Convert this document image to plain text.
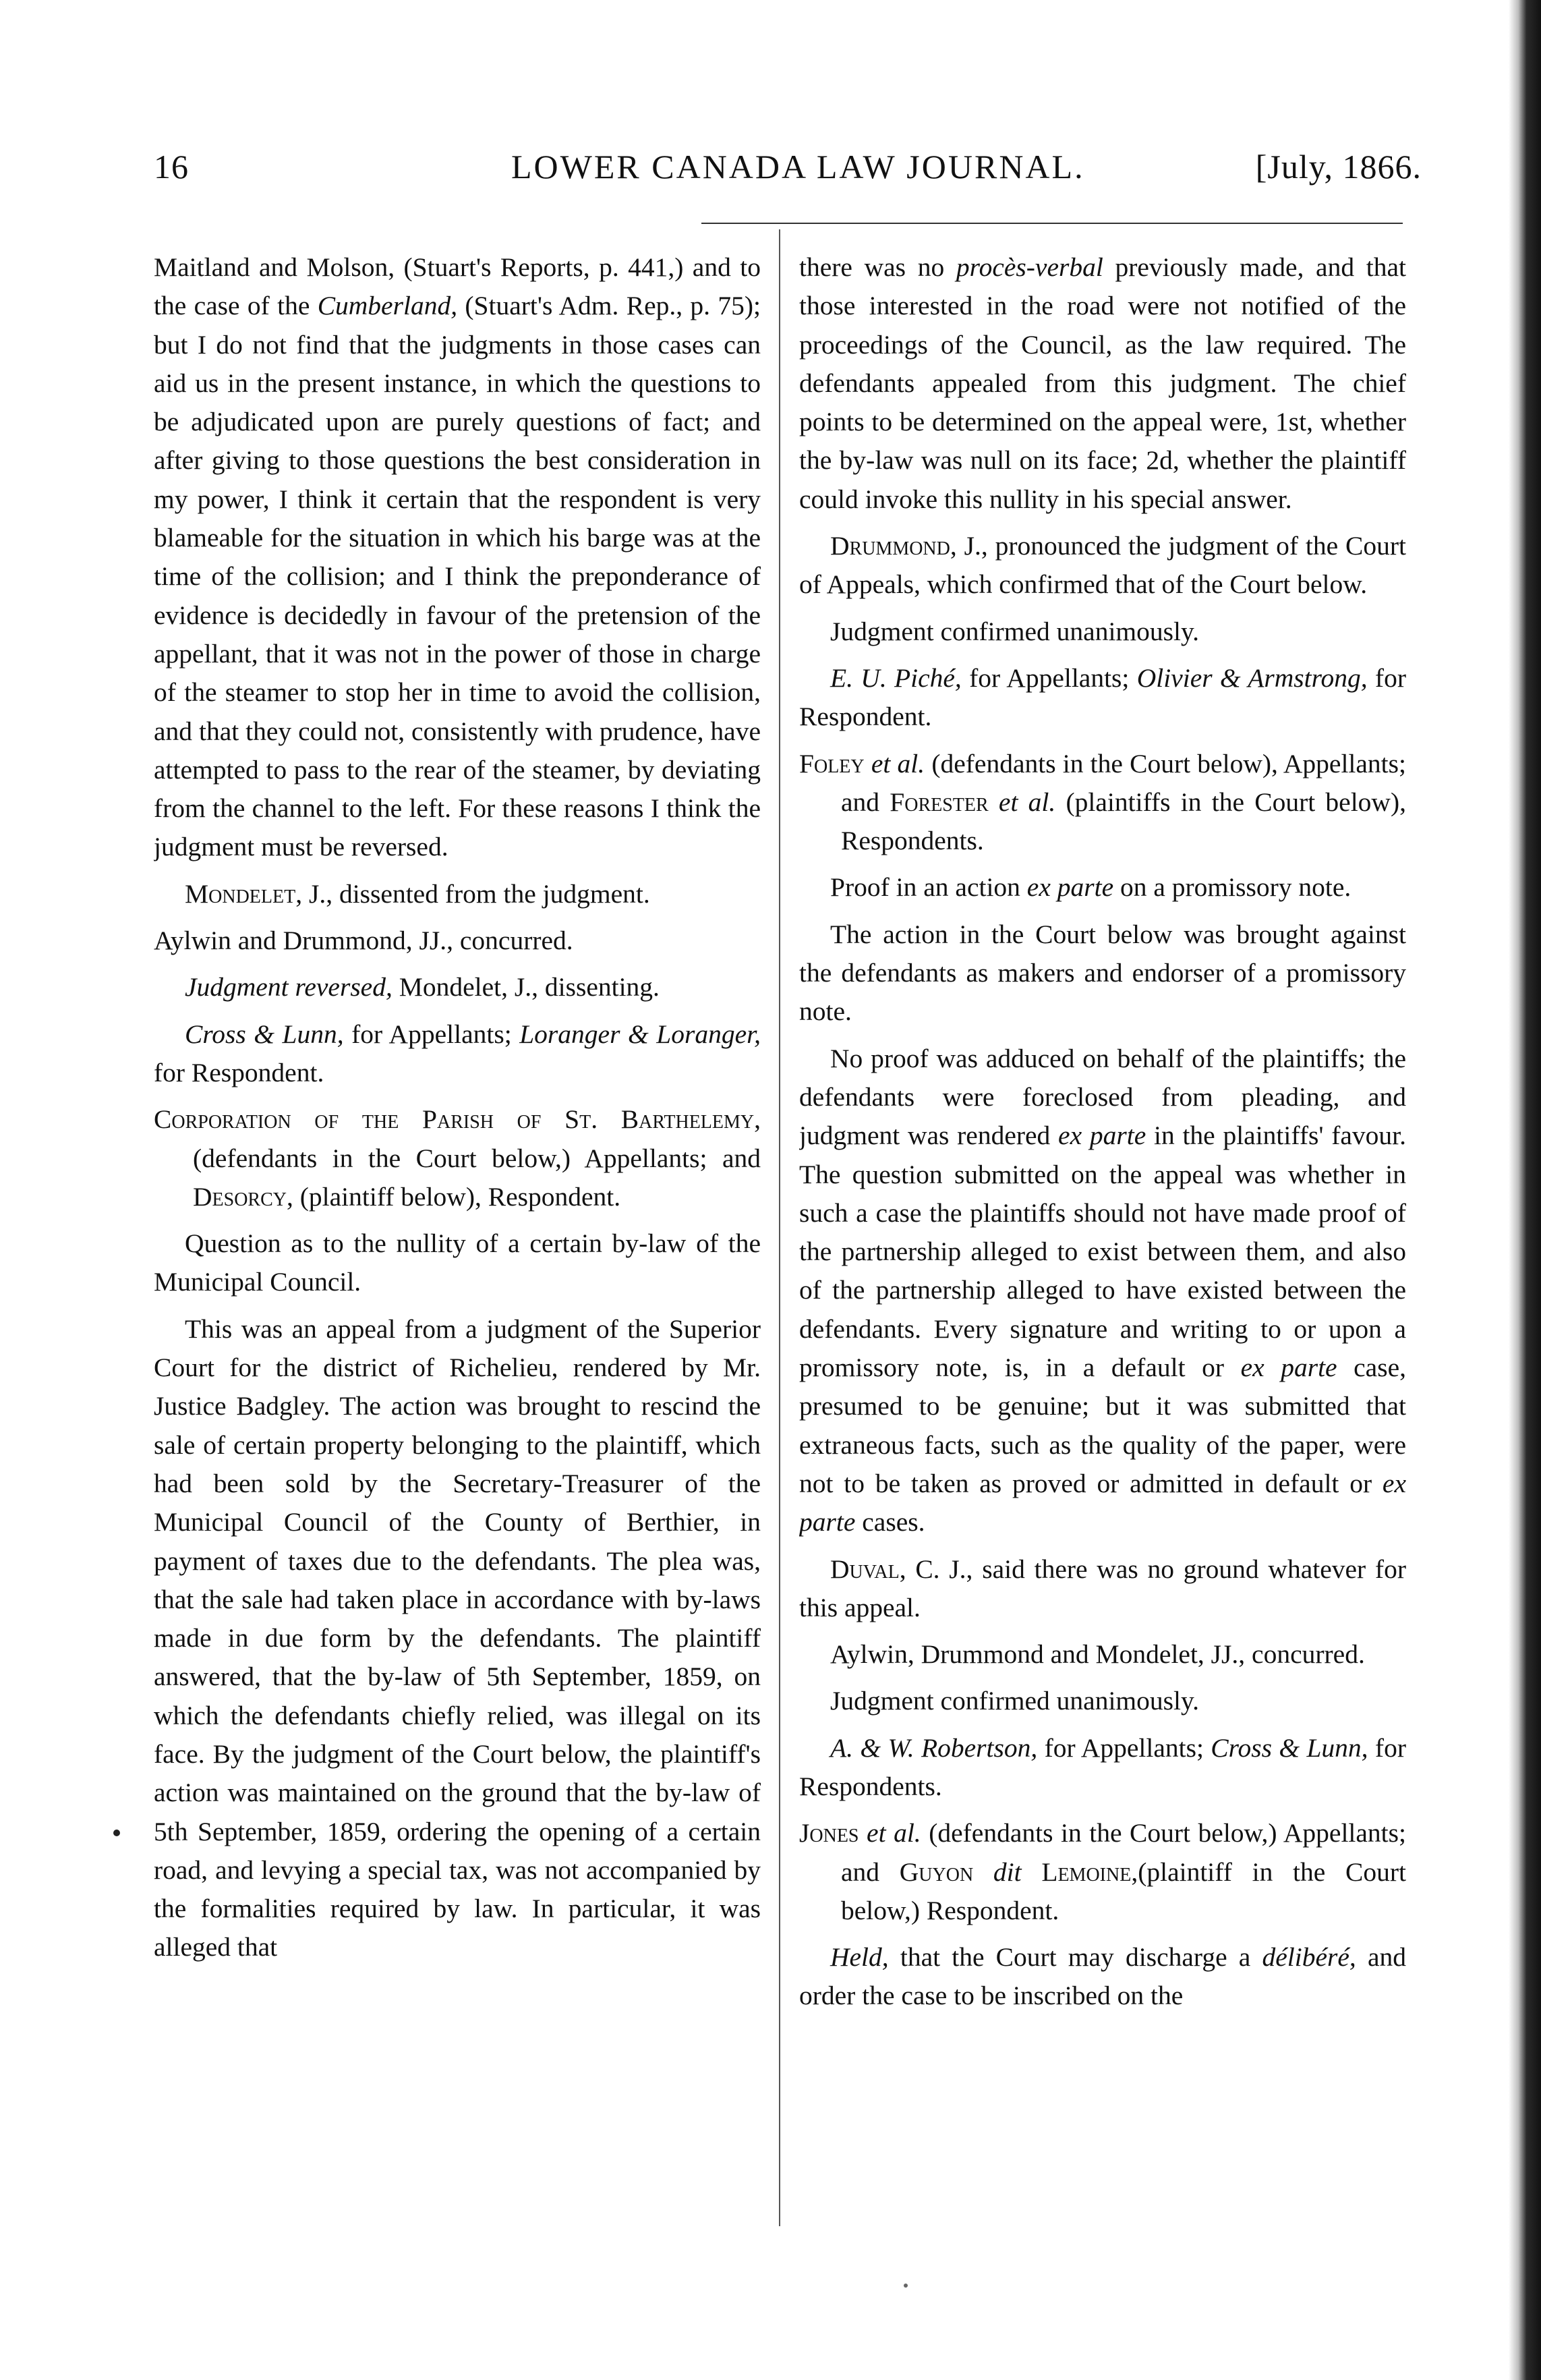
16	LOWER CANADA LAW JOURNAL.	[July, 1866.

Maitland and Molson, (Stuart's Reports, p. 441,) and to the case of the Cumberland, (Stuart's Adm. Rep., p. 75); but I do not find that the judgments in those cases can aid us in the present instance, in which the questions to be adjudicated upon are purely questions of fact; and after giving to those questions the best consideration in my power, I think it certain that the respondent is very blameable for the situation in which his barge was at the time of the collision; and I think the preponderance of evidence is decidedly in favour of the pretension of the appellant, that it was not in the power of those in charge of the steamer to stop her in time to avoid the collision, and that they could not, consistently with prudence, have attempted to pass to the rear of the steamer, by deviating from the channel to the left. For these reasons I think the judgment must be reversed.

Mondelet, J., dissented from the judgment.

Aylwin and Drummond, JJ., concurred.

Judgment reversed, Mondelet, J., dissenting.

Cross & Lunn, for Appellants; Loranger & Loranger, for Respondent.

Corporation of the Parish of St. Barthelemy, (defendants in the Court below,) Appellants; and Desorcy, (plaintiff below), Respondent.

Question as to the nullity of a certain by-law of the Municipal Council.

This was an appeal from a judgment of the Superior Court for the district of Richelieu, rendered by Mr. Justice Badgley. The action was brought to rescind the sale of certain property belonging to the plaintiff, which had been sold by the Secretary-Treasurer of the Municipal Council of the County of Berthier, in payment of taxes due to the defendants. The plea was, that the sale had taken place in accordance with by-laws made in due form by the defendants. The plaintiff answered, that the by-law of 5th September, 1859, on which the defendants chiefly relied, was illegal on its face. By the judgment of the Court below, the plaintiff's action was maintained on the ground that the by-law of 5th September, 1859, ordering the opening of a certain road, and levying a special tax, was not accompanied by the formalities required by law. In particular, it was alleged that

there was no procès-verbal previously made, and that those interested in the road were not notified of the proceedings of the Council, as the law required. The defendants appealed from this judgment. The chief points to be determined on the appeal were, 1st, whether the by-law was null on its face; 2d, whether the plaintiff could invoke this nullity in his special answer.

Drummond, J., pronounced the judgment of the Court of Appeals, which confirmed that of the Court below.

Judgment confirmed unanimously.

E. U. Piché, for Appellants; Olivier & Armstrong, for Respondent.

Foley et al. (defendants in the Court below), Appellants; and Forester et al. (plaintiffs in the Court below), Respondents.

Proof in an action ex parte on a promissory note.

The action in the Court below was brought against the defendants as makers and endorser of a promissory note.

No proof was adduced on behalf of the plaintiffs; the defendants were foreclosed from pleading, and judgment was rendered ex parte in the plaintiffs' favour. The question submitted on the appeal was whether in such a case the plaintiffs should not have made proof of the partnership alleged to exist between them, and also of the partnership alleged to have existed between the defendants. Every signature and writing to or upon a promissory note, is, in a default or ex parte case, presumed to be genuine; but it was submitted that extraneous facts, such as the quality of the paper, were not to be taken as proved or admitted in default or ex parte cases.

Duval, C. J., said there was no ground whatever for this appeal.

Aylwin, Drummond and Mondelet, JJ., concurred.

Judgment confirmed unanimously.

A. & W. Robertson, for Appellants; Cross & Lunn, for Respondents.

Jones et al. (defendants in the Court below,) Appellants; and Guyon dit Lemoine,(plaintiff in the Court below,) Respondent.

Held, that the Court may discharge a délibéré, and order the case to be inscribed on the
